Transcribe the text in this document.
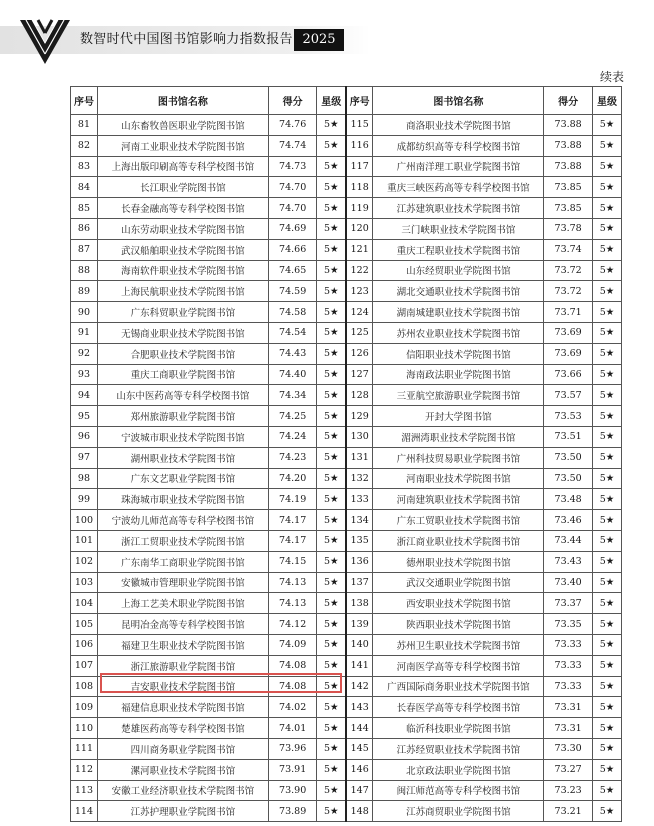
数智时代中国图书馆影响力指数报告 2025
续表
序号	图书馆名称	得分	星级	序号	图书馆名称	得分	星级
81	山东畜牧兽医职业学院图书馆	74.76	5★	115	商洛职业技术学院图书馆	73.88	5★
82	河南工业职业技术学院图书馆	74.74	5★	116	成都纺织高等专科学校图书馆	73.88	5★
83	上海出版印刷高等专科学校图书馆	74.73	5★	117	广州南洋理工职业学院图书馆	73.88	5★
84	长江职业学院图书馆	74.70	5★	118	重庆三峡医药高等专科学校图书馆	73.85	5★
85	长春金融高等专科学校图书馆	74.70	5★	119	江苏建筑职业技术学院图书馆	73.85	5★
86	山东劳动职业技术学院图书馆	74.69	5★	120	三门峡职业技术学院图书馆	73.78	5★
87	武汉船舶职业技术学院图书馆	74.66	5★	121	重庆工程职业技术学院图书馆	73.74	5★
88	海南软件职业技术学院图书馆	74.65	5★	122	山东经贸职业学院图书馆	73.72	5★
89	上海民航职业技术学院图书馆	74.59	5★	123	湖北交通职业技术学院图书馆	73.72	5★
90	广东科贸职业学院图书馆	74.58	5★	124	湖南城建职业技术学院图书馆	73.71	5★
91	无锡商业职业技术学院图书馆	74.54	5★	125	苏州农业职业技术学院图书馆	73.69	5★
92	合肥职业技术学院图书馆	74.43	5★	126	信阳职业技术学院图书馆	73.69	5★
93	重庆工商职业学院图书馆	74.40	5★	127	海南政法职业学院图书馆	73.66	5★
94	山东中医药高等专科学校图书馆	74.34	5★	128	三亚航空旅游职业学院图书馆	73.57	5★
95	郑州旅游职业学院图书馆	74.25	5★	129	开封大学图书馆	73.53	5★
96	宁波城市职业技术学院图书馆	74.24	5★	130	湄洲湾职业技术学院图书馆	73.51	5★
97	湖州职业技术学院图书馆	74.23	5★	131	广州科技贸易职业学院图书馆	73.50	5★
98	广东文艺职业学院图书馆	74.20	5★	132	河南职业技术学院图书馆	73.50	5★
99	珠海城市职业技术学院图书馆	74.19	5★	133	河南建筑职业技术学院图书馆	73.48	5★
100	宁波幼儿师范高等专科学校图书馆	74.17	5★	134	广东工贸职业技术学院图书馆	73.46	5★
101	浙江工贸职业技术学院图书馆	74.17	5★	135	浙江商业职业技术学院图书馆	73.44	5★
102	广东南华工商职业学院图书馆	74.15	5★	136	德州职业技术学院图书馆	73.43	5★
103	安徽城市管理职业学院图书馆	74.13	5★	137	武汉交通职业学院图书馆	73.40	5★
104	上海工艺美术职业学院图书馆	74.13	5★	138	西安职业技术学院图书馆	73.37	5★
105	昆明冶金高等专科学校图书馆	74.12	5★	139	陕西职业技术学院图书馆	73.35	5★
106	福建卫生职业技术学院图书馆	74.09	5★	140	苏州卫生职业技术学院图书馆	73.33	5★
107	浙江旅游职业学院图书馆	74.08	5★	141	河南医学高等专科学校图书馆	73.33	5★
108	吉安职业技术学院图书馆	74.08	5★	142	广西国际商务职业技术学院图书馆	73.33	5★
109	福建信息职业技术学院图书馆	74.02	5★	143	长春医学高等专科学校图书馆	73.31	5★
110	楚雄医药高等专科学校图书馆	74.01	5★	144	临沂科技职业学院图书馆	73.31	5★
111	四川商务职业学院图书馆	73.96	5★	145	江苏经贸职业技术学院图书馆	73.30	5★
112	漯河职业技术学院图书馆	73.91	5★	146	北京政法职业学院图书馆	73.27	5★
113	安徽工业经济职业技术学院图书馆	73.90	5★	147	闽江师范高等专科学校图书馆	73.23	5★
114	江苏护理职业学院图书馆	73.89	5★	148	江苏商贸职业学院图书馆	73.21	5★
